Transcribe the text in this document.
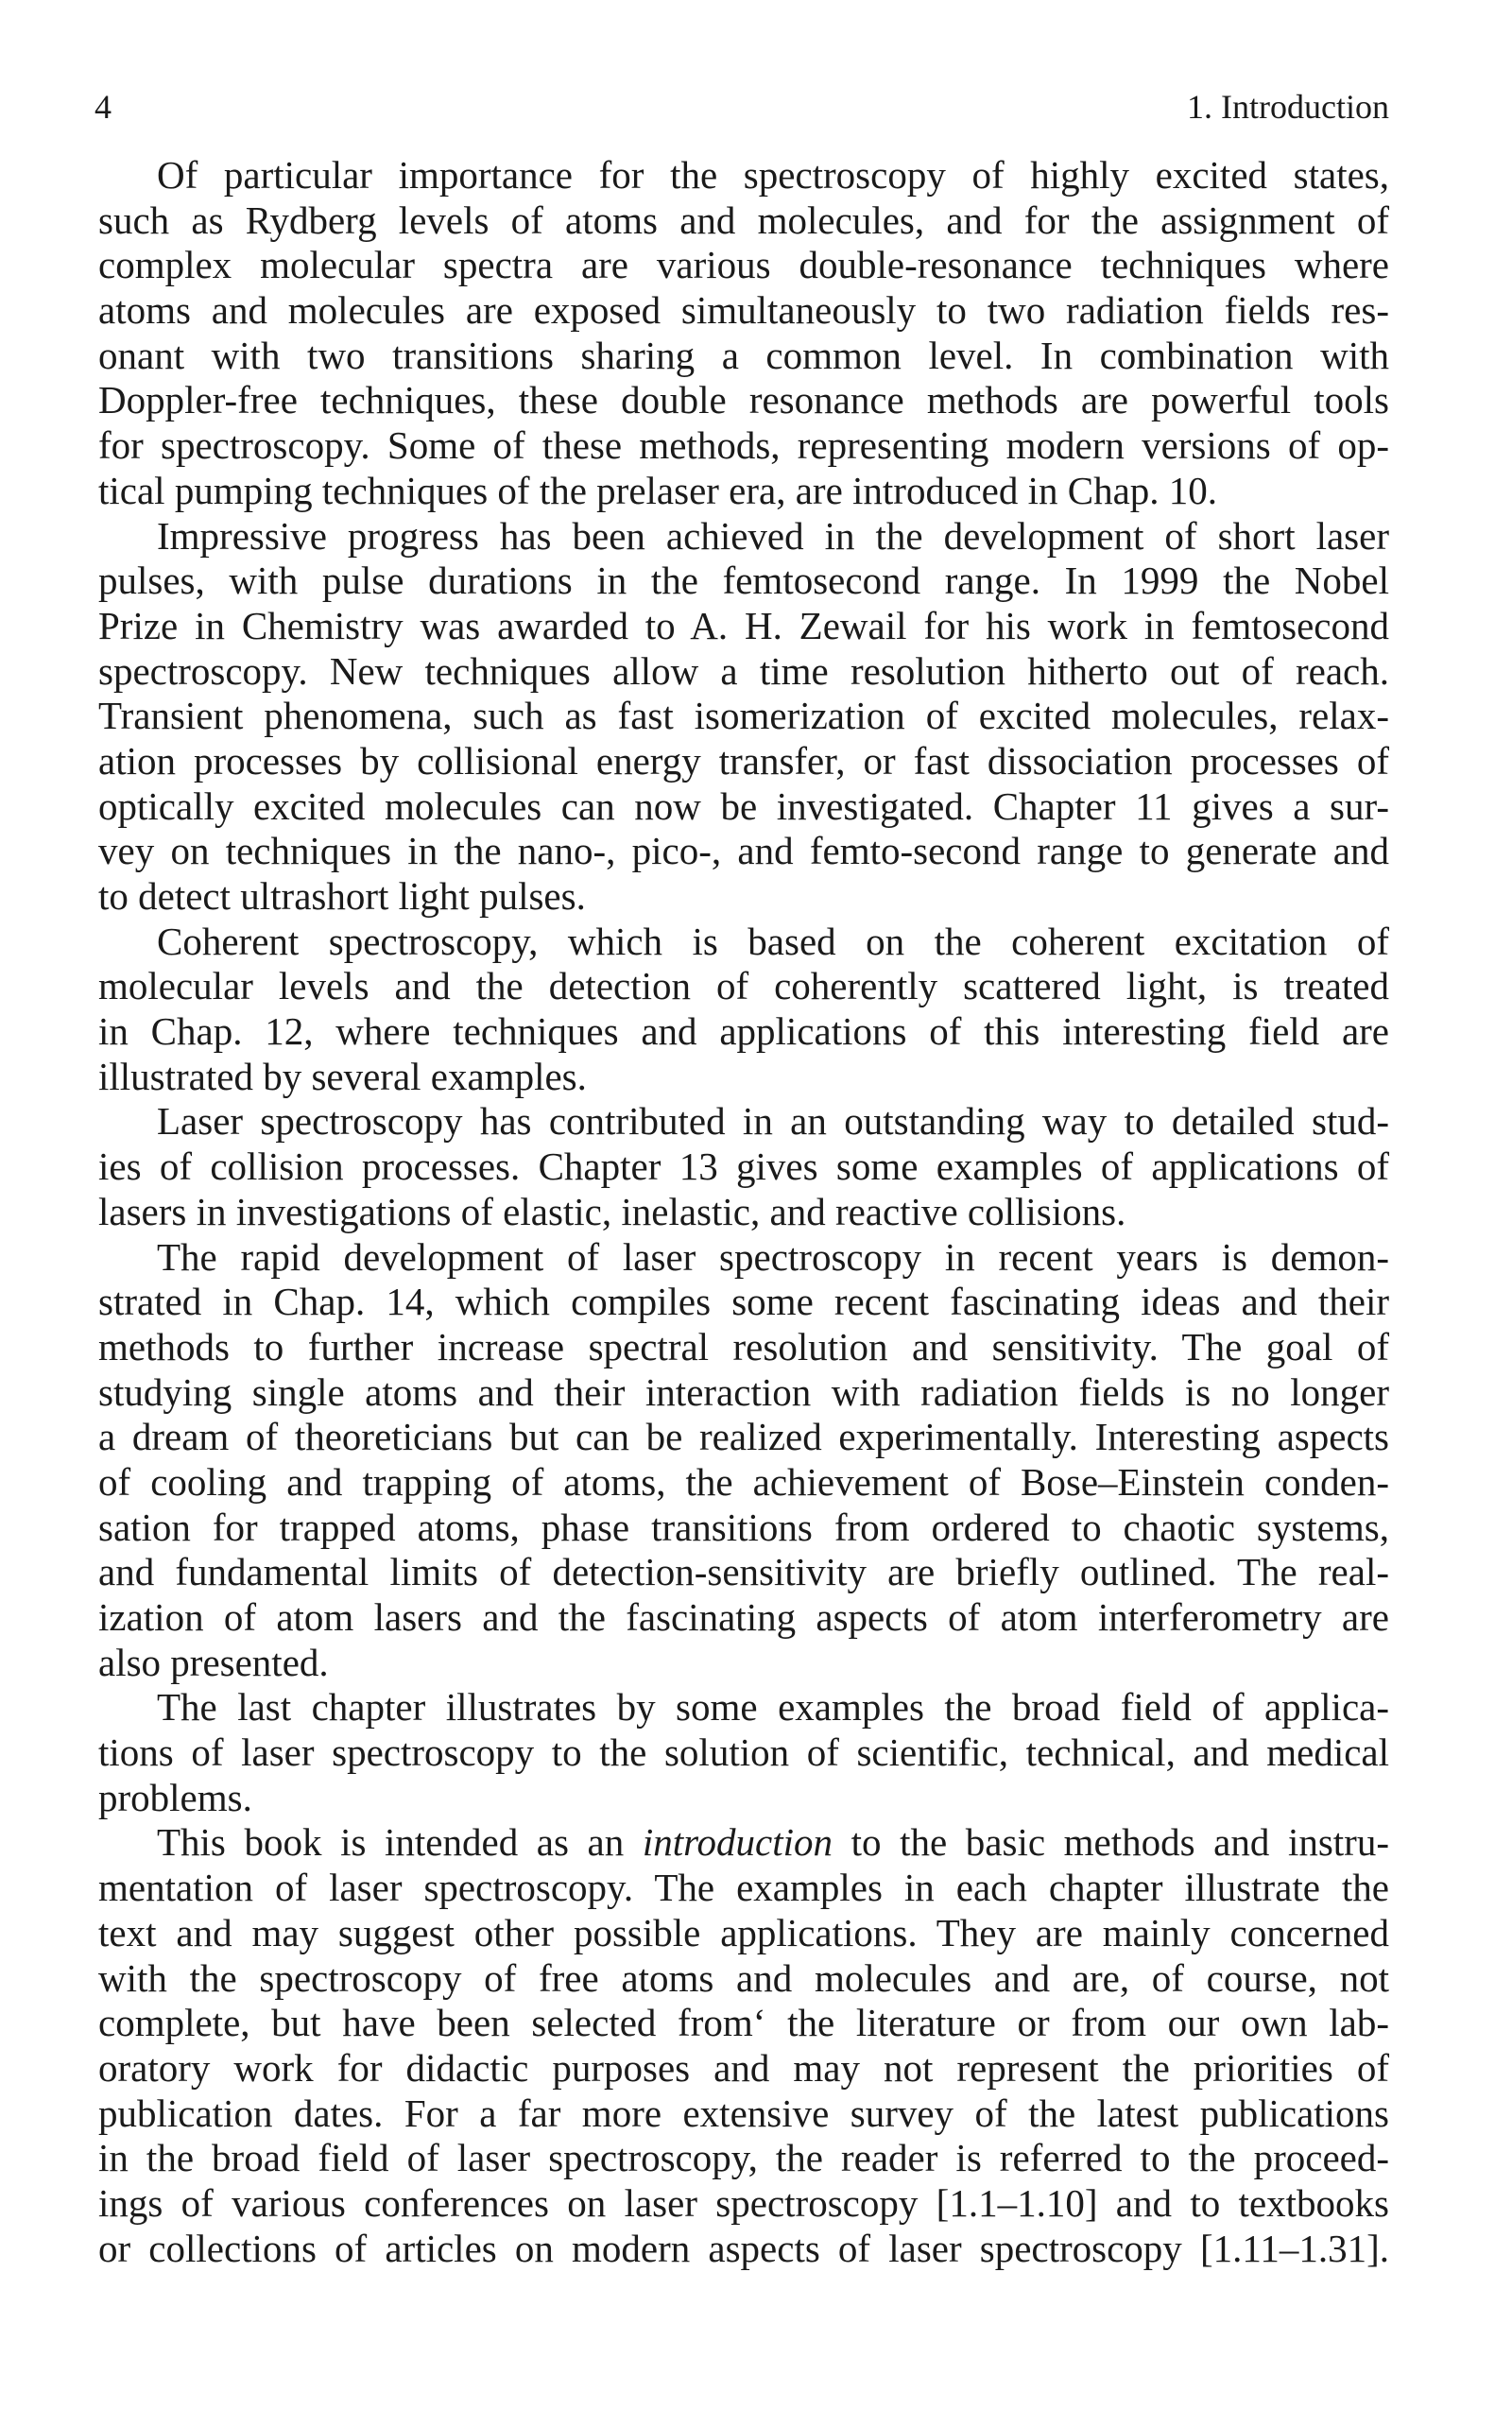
4	1. Introduction
Of particular importance for the spectroscopy of highly excited states,
such as Rydberg levels of atoms and molecules, and for the assignment of
complex molecular spectra are various double-resonance techniques where
atoms and molecules are exposed simultaneously to two radiation fields res-
onant with two transitions sharing a common level. In combination with
Doppler-free techniques, these double resonance methods are powerful tools
for spectroscopy. Some of these methods, representing modern versions of op-
tical pumping techniques of the prelaser era, are introduced in Chap. 10.
Impressive progress has been achieved in the development of short laser
pulses, with pulse durations in the femtosecond range. In 1999 the Nobel
Prize in Chemistry was awarded to A. H. Zewail for his work in femtosecond
spectroscopy. New techniques allow a time resolution hitherto out of reach.
Transient phenomena, such as fast isomerization of excited molecules, relax-
ation processes by collisional energy transfer, or fast dissociation processes of
optically excited molecules can now be investigated. Chapter 11 gives a sur-
vey on techniques in the nano-, pico-, and femto-second range to generate and
to detect ultrashort light pulses.
Coherent spectroscopy, which is based on the coherent excitation of
molecular levels and the detection of coherently scattered light, is treated
in Chap. 12, where techniques and applications of this interesting field are
illustrated by several examples.
Laser spectroscopy has contributed in an outstanding way to detailed stud-
ies of collision processes. Chapter 13 gives some examples of applications of
lasers in investigations of elastic, inelastic, and reactive collisions.
The rapid development of laser spectroscopy in recent years is demon-
strated in Chap. 14, which compiles some recent fascinating ideas and their
methods to further increase spectral resolution and sensitivity. The goal of
studying single atoms and their interaction with radiation fields is no longer
a dream of theoreticians but can be realized experimentally. Interesting aspects
of cooling and trapping of atoms, the achievement of Bose–Einstein conden-
sation for trapped atoms, phase transitions from ordered to chaotic systems,
and fundamental limits of detection-sensitivity are briefly outlined. The real-
ization of atom lasers and the fascinating aspects of atom interferometry are
also presented.
The last chapter illustrates by some examples the broad field of applica-
tions of laser spectroscopy to the solution of scientific, technical, and medical
problems.
This book is intended as an introduction to the basic methods and instru-
mentation of laser spectroscopy. The examples in each chapter illustrate the
text and may suggest other possible applications. They are mainly concerned
with the spectroscopy of free atoms and molecules and are, of course, not
complete, but have been selected from‘ the literature or from our own lab-
oratory work for didactic purposes and may not represent the priorities of
publication dates. For a far more extensive survey of the latest publications
in the broad field of laser spectroscopy, the reader is referred to the proceed-
ings of various conferences on laser spectroscopy [1.1–1.10] and to textbooks
or collections of articles on modern aspects of laser spectroscopy [1.11–1.31].
